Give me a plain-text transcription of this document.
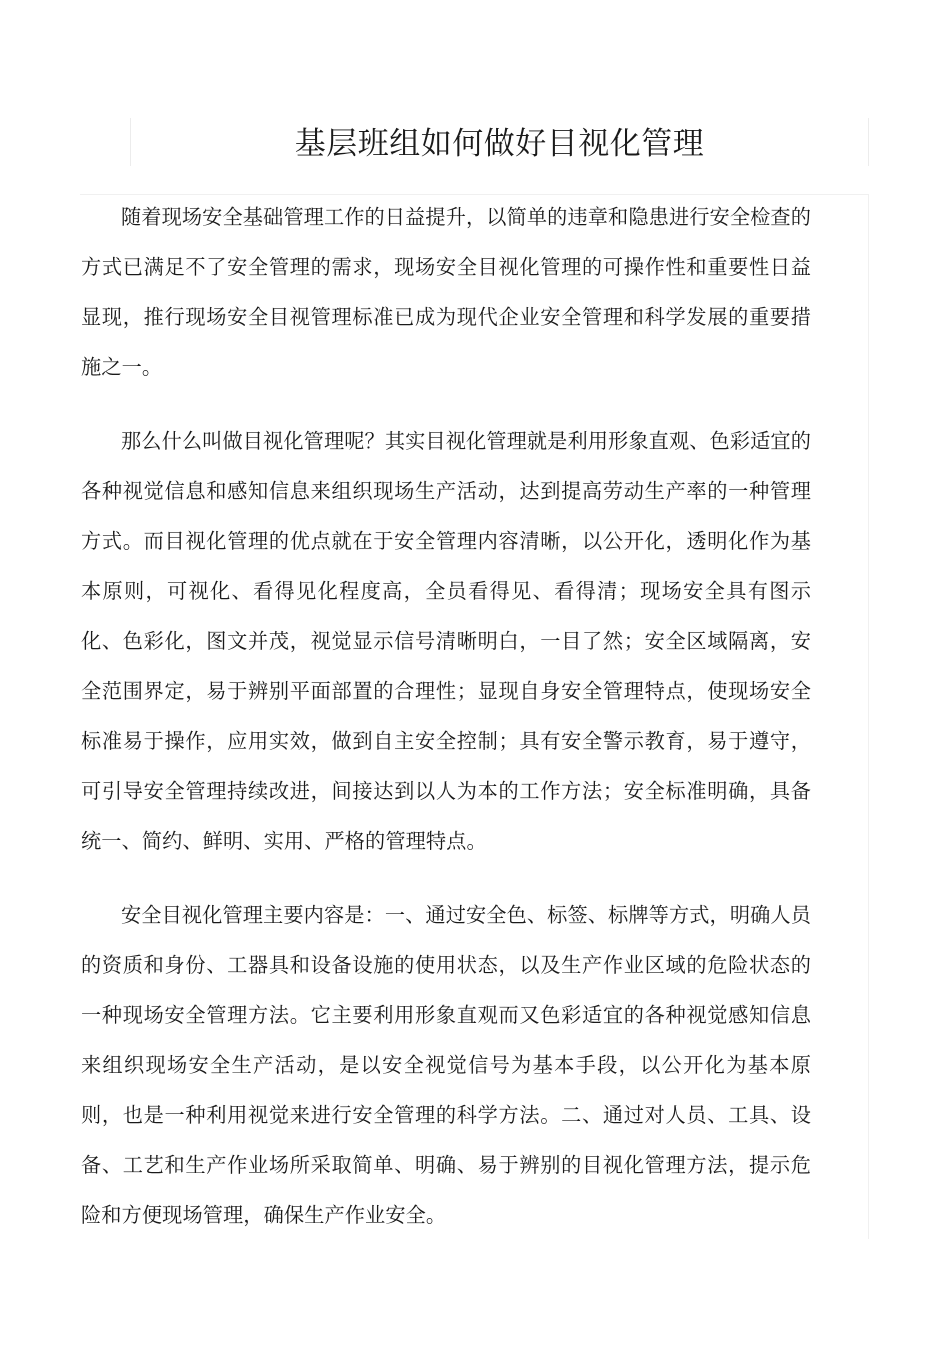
基层班组如何做好目视化管理

随着现场安全基础管理工作的日益提升，以简单的违章和隐患进行安全检查的方式已满足不了安全管理的需求，现场安全目视化管理的可操作性和重要性日益显现，推行现场安全目视管理标准已成为现代企业安全管理和科学发展的重要措施之一。

那么什么叫做目视化管理呢？其实目视化管理就是利用形象直观、色彩适宜的各种视觉信息和感知信息来组织现场生产活动，达到提高劳动生产率的一种管理方式。而目视化管理的优点就在于安全管理内容清晰，以公开化，透明化作为基本原则，可视化、看得见化程度高，全员看得见、看得清；现场安全具有图示化、色彩化，图文并茂，视觉显示信号清晰明白，一目了然；安全区域隔离，安全范围界定，易于辨别平面部置的合理性；显现自身安全管理特点，使现场安全标准易于操作，应用实效，做到自主安全控制；具有安全警示教育，易于遵守，可引导安全管理持续改进，间接达到以人为本的工作方法；安全标准明确，具备统一、简约、鲜明、实用、严格的管理特点。

安全目视化管理主要内容是：一、通过安全色、标签、标牌等方式，明确人员的资质和身份、工器具和设备设施的使用状态，以及生产作业区域的危险状态的一种现场安全管理方法。它主要利用形象直观而又色彩适宜的各种视觉感知信息来组织现场安全生产活动，是以安全视觉信号为基本手段，以公开化为基本原则，也是一种利用视觉来进行安全管理的科学方法。二、通过对人员、工具、设备、工艺和生产作业场所采取简单、明确、易于辨别的目视化管理方法，提示危险和方便现场管理，确保生产作业安全。
